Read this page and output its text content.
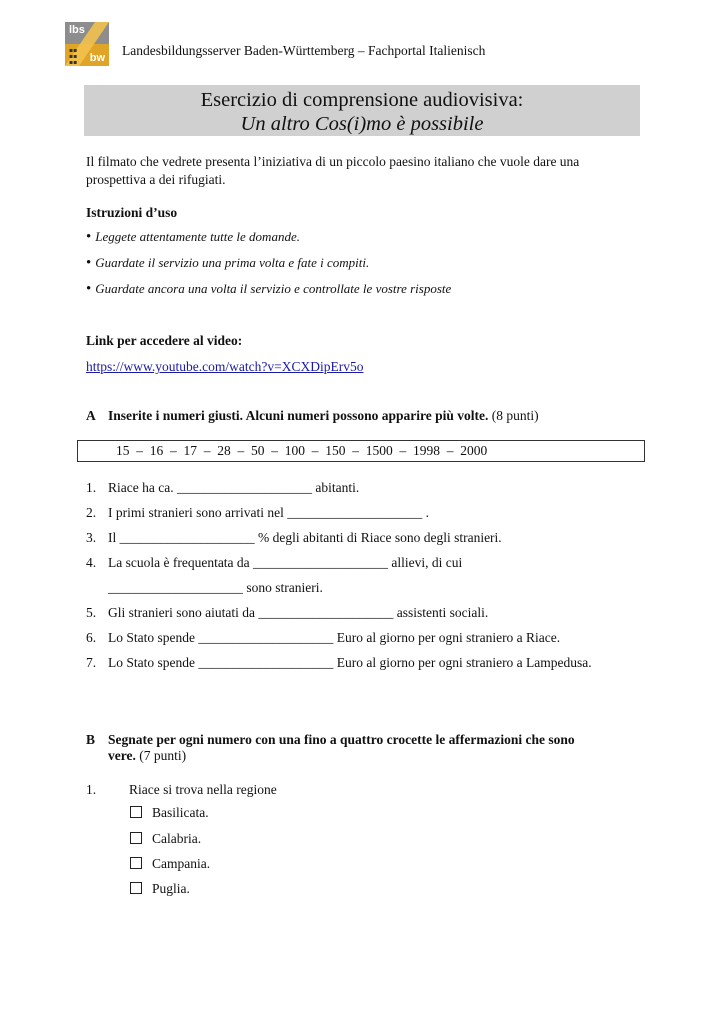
lbs
bw
▪▪
▪▪
▪▪
Landesbildungsserver Baden-Württemberg – Fachportal Italienisch
Esercizio di comprensione audiovisiva:
Un altro Cos(i)mo è possibile
Il filmato che vedrete presenta l’iniziativa di un piccolo paesino italiano che vuole dare una prospettiva a dei rifugiati.
Istruzioni d’uso
• Leggete attentamente tutte le domande.
• Guardate il servizio una prima volta e fate i compiti.
• Guardate ancora una volta il servizio e controllate le vostre risposte
Link per accedere al video:
https://www.youtube.com/watch?v=XCXDipErv5o
A Inserite i numeri giusti. Alcuni numeri possono apparire più volte. (8 punti)
15  –  16  –  17  –  28  –  50  –  100  –  150  –  1500  –  1998  –  2000
1. Riace ha ca. ____________________ abitanti.
2. I primi stranieri sono arrivati nel ____________________ .
3. Il ____________________ % degli abitanti di Riace sono degli stranieri.
4. La scuola è frequentata da ____________________ allievi, di cui
____________________ sono stranieri.
5. Gli stranieri sono aiutati da ____________________ assistenti sociali.
6. Lo Stato spende ____________________ Euro al giorno per ogni straniero a Riace.
7. Lo Stato spende ____________________ Euro al giorno per ogni straniero a Lampedusa.
B Segnate per ogni numero con una fino a quattro crocette le affermazioni che sono
vere. (7 punti)
1. Riace si trova nella regione
Basilicata.
Calabria.
Campania.
Puglia.
